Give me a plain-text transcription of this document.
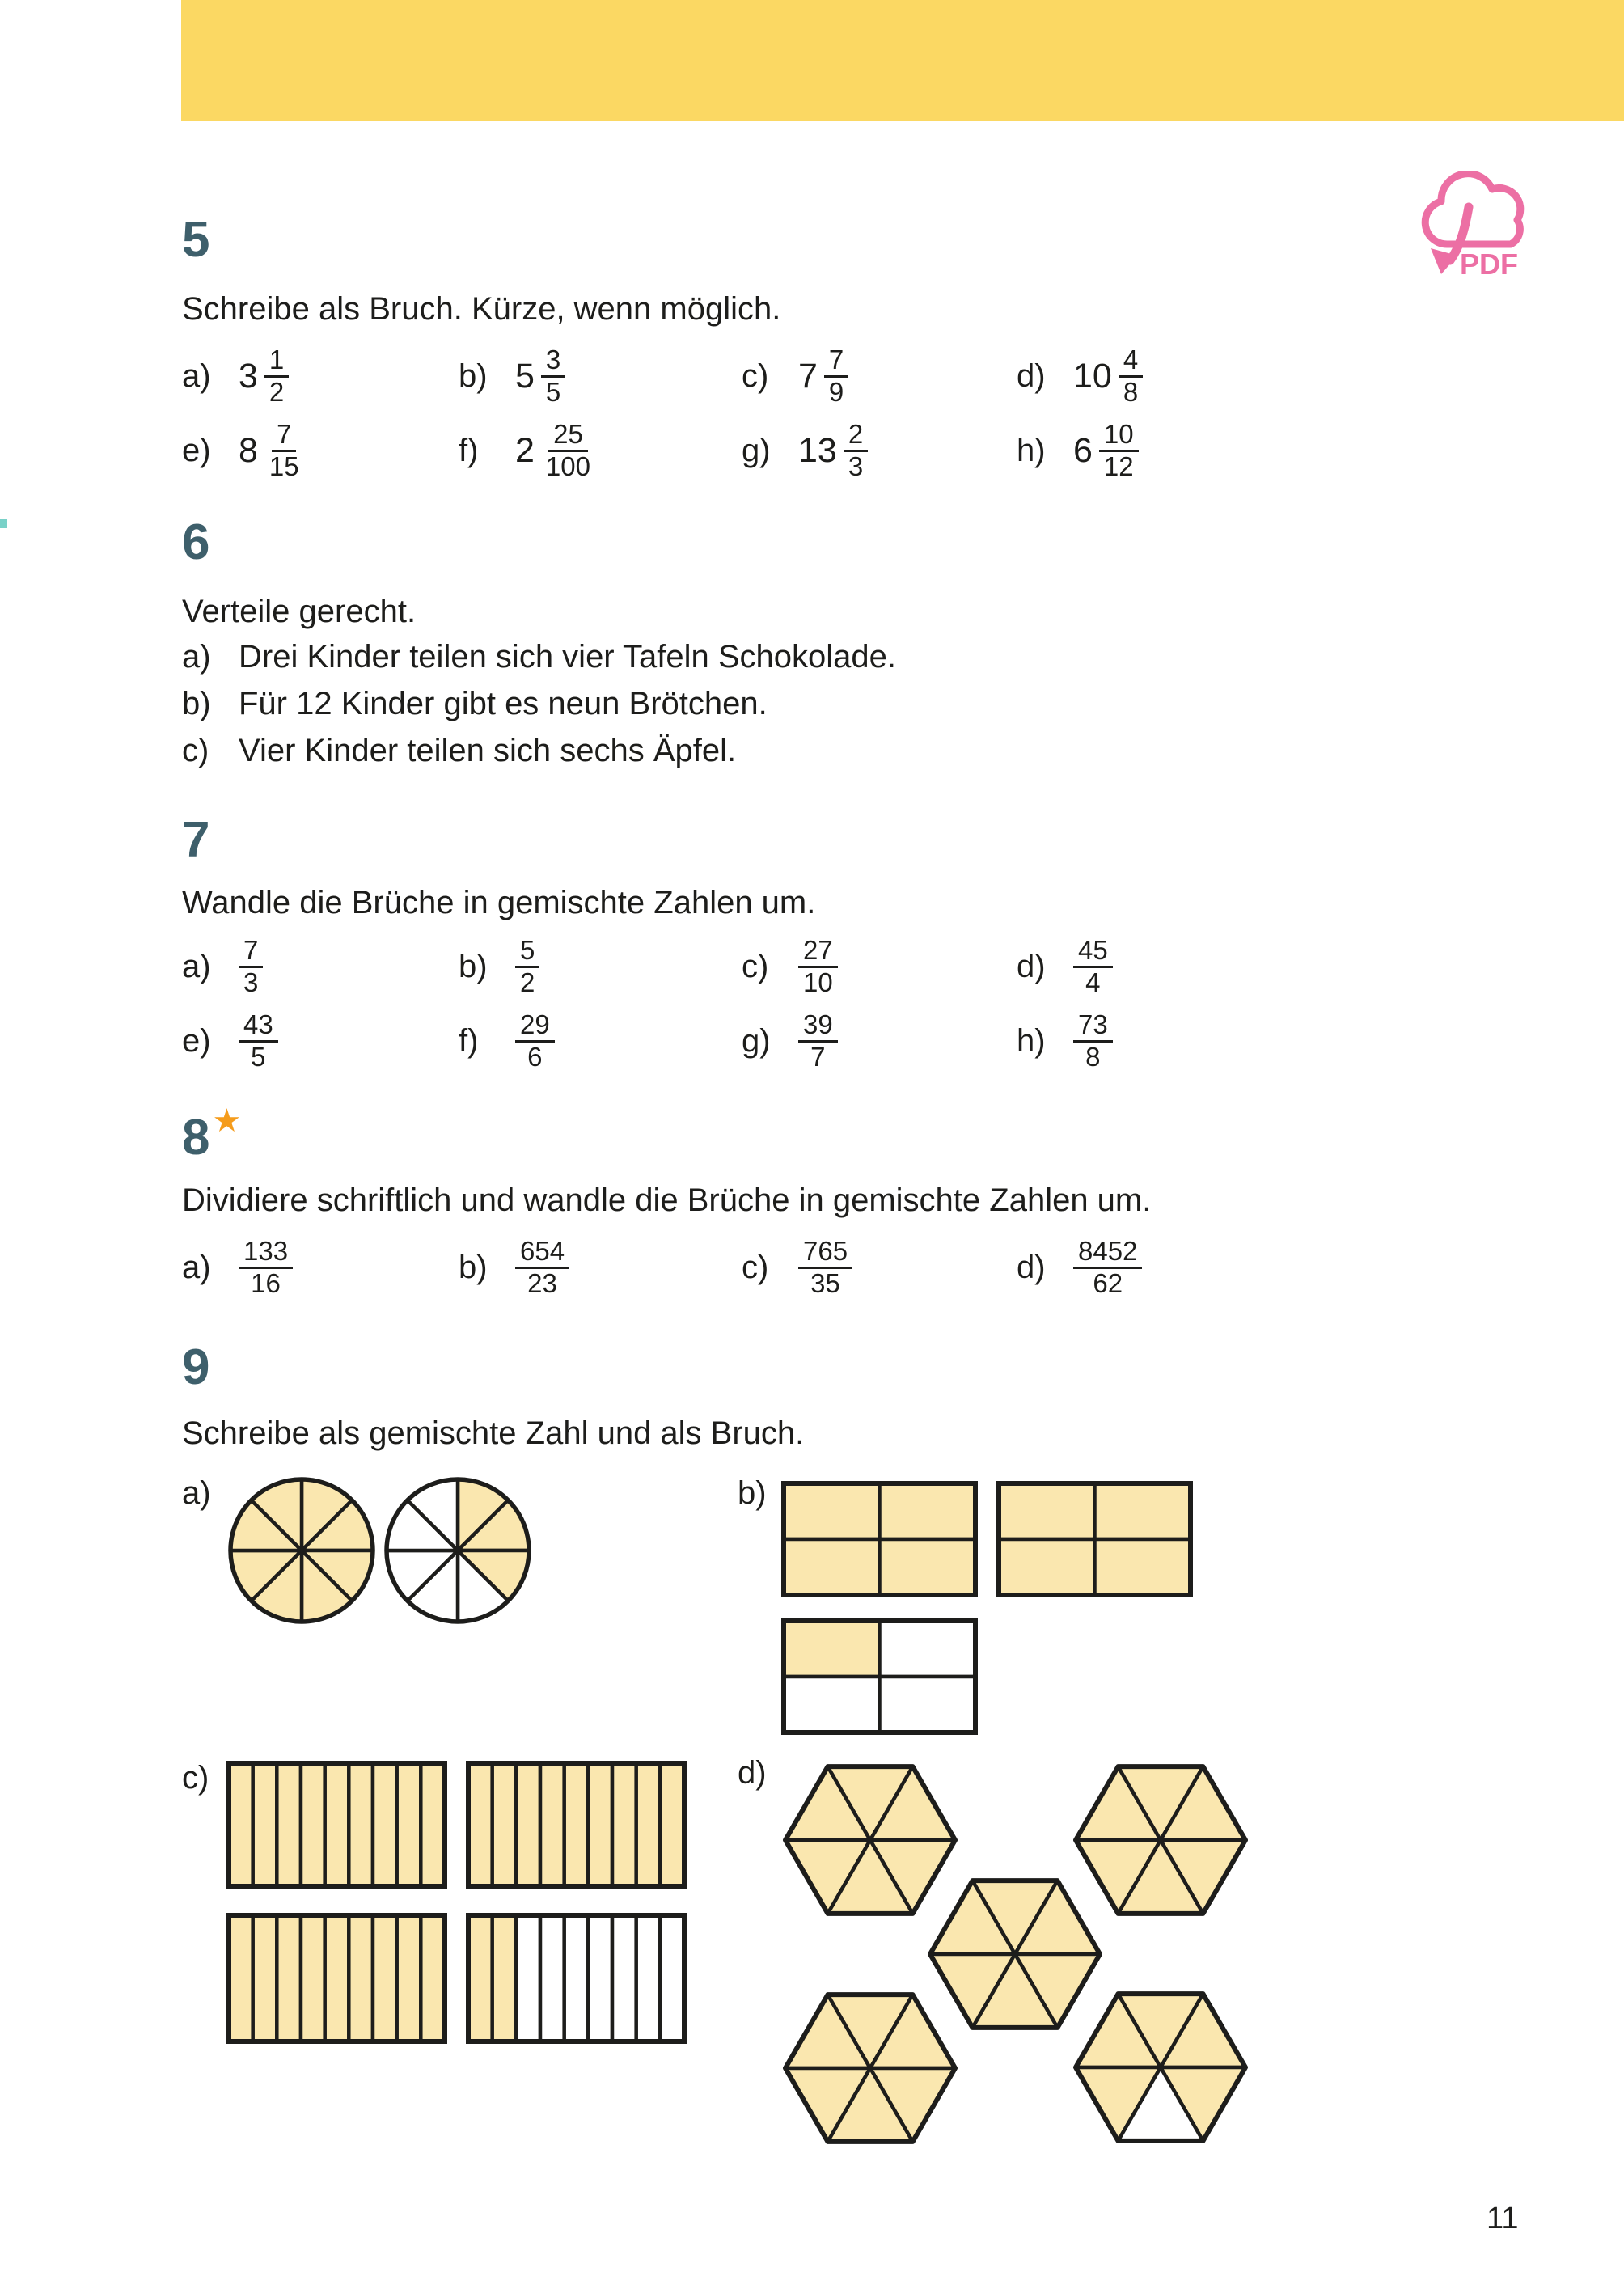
PDF
5
Schreibe als Bruch. Kürze, wenn möglich.
a) $3 \frac{1}{2}$	b) $5 \frac{3}{5}$	c) $7 \frac{7}{9}$	d) $10 \frac{4}{8}$
e) $8 \frac{7}{15}$	f)	$2 \frac{25}{100}$	g) $13 \frac{2}{3}$	h) $6 \frac{10}{12}$
6
Verteile gerecht.
a) Drei Kinder teilen sich vier Tafeln Schokolade.
b) Für 12 Kinder gibt es neun Brötchen.
c) Vier Kinder teilen sich sechs Äpfel.
7
Wandle die Brüche in gemischte Zahlen um.
a)	$\frac{7}{3}$	b)	$\frac{5}{2}$	c)	$\frac{27}{10}$	d)	$\frac{45}{4}$
e)	$\frac{43}{5}$	f)	$\frac{29}{6}$	g)	$\frac{39}{7}$	h)	$\frac{73}{8}$
8★
Dividiere schriftlich und wandle die Brüche in gemischte Zahlen um.
a)	$\frac{133}{16}$	b)	$\frac{654}{23}$	c)	$\frac{765}{35}$	d)	$\frac{8452}{62}$
9
Schreibe als gemischte Zahl und als Bruch.
a)	b)
c)	d)
11
